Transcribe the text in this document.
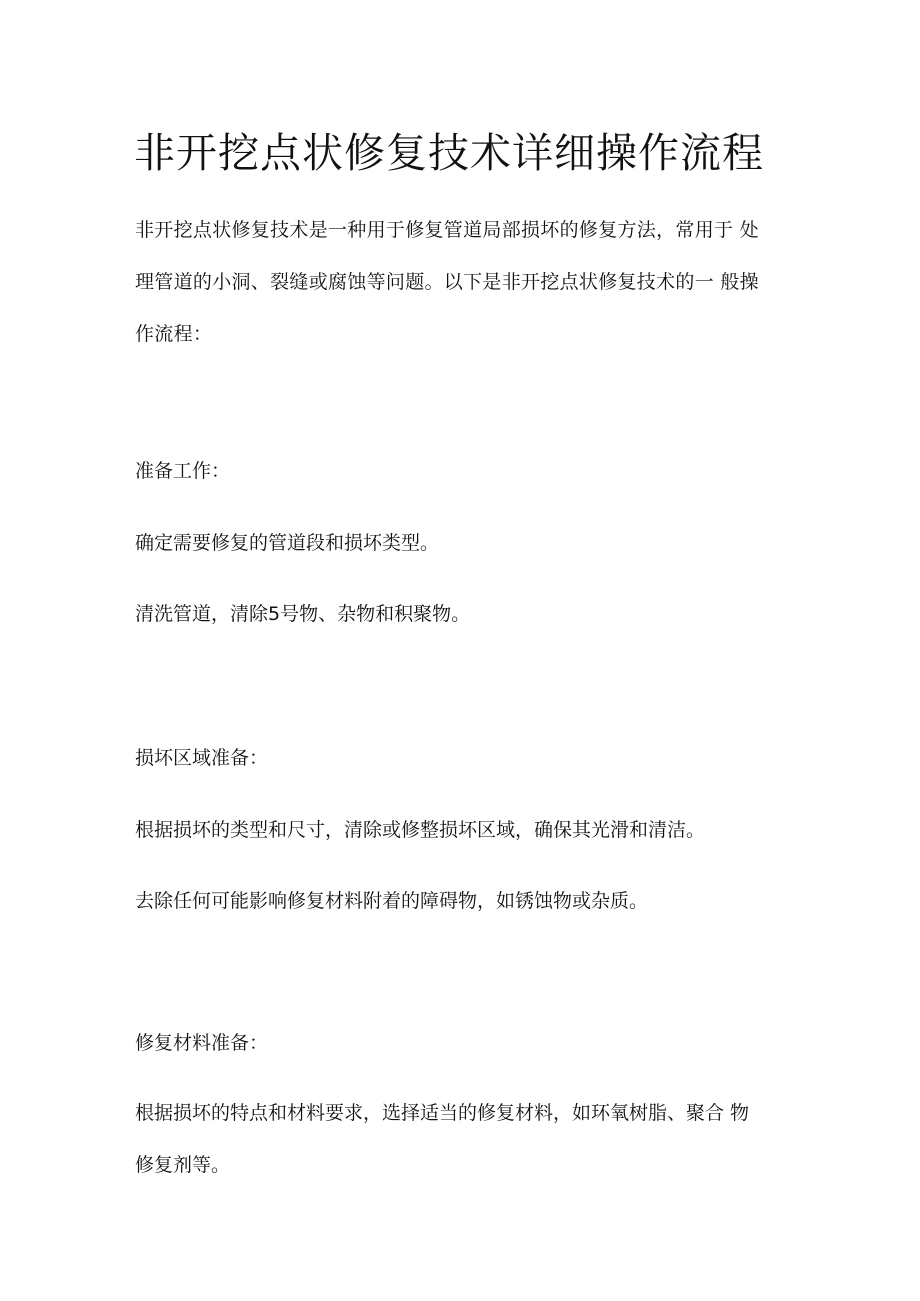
非开挖点状修复技术详细操作流程
非开挖点状修复技术是一种用于修复管道局部损坏的修复方法，常用于 处
理管道的小洞、裂缝或腐蚀等问题。以下是非开挖点状修复技术的一 般操
作流程：

准备工作：

确定需要修复的管道段和损坏类型。

清洗管道，清除5号物、杂物和积聚物。

损坏区域准备：

根据损坏的类型和尺寸，清除或修整损坏区域，确保其光滑和清洁。

去除任何可能影响修复材料附着的障碍物，如锈蚀物或杂质。

修复材料准备：

根据损坏的特点和材料要求，选择适当的修复材料，如环氧树脂、聚合 物
修复剂等。
